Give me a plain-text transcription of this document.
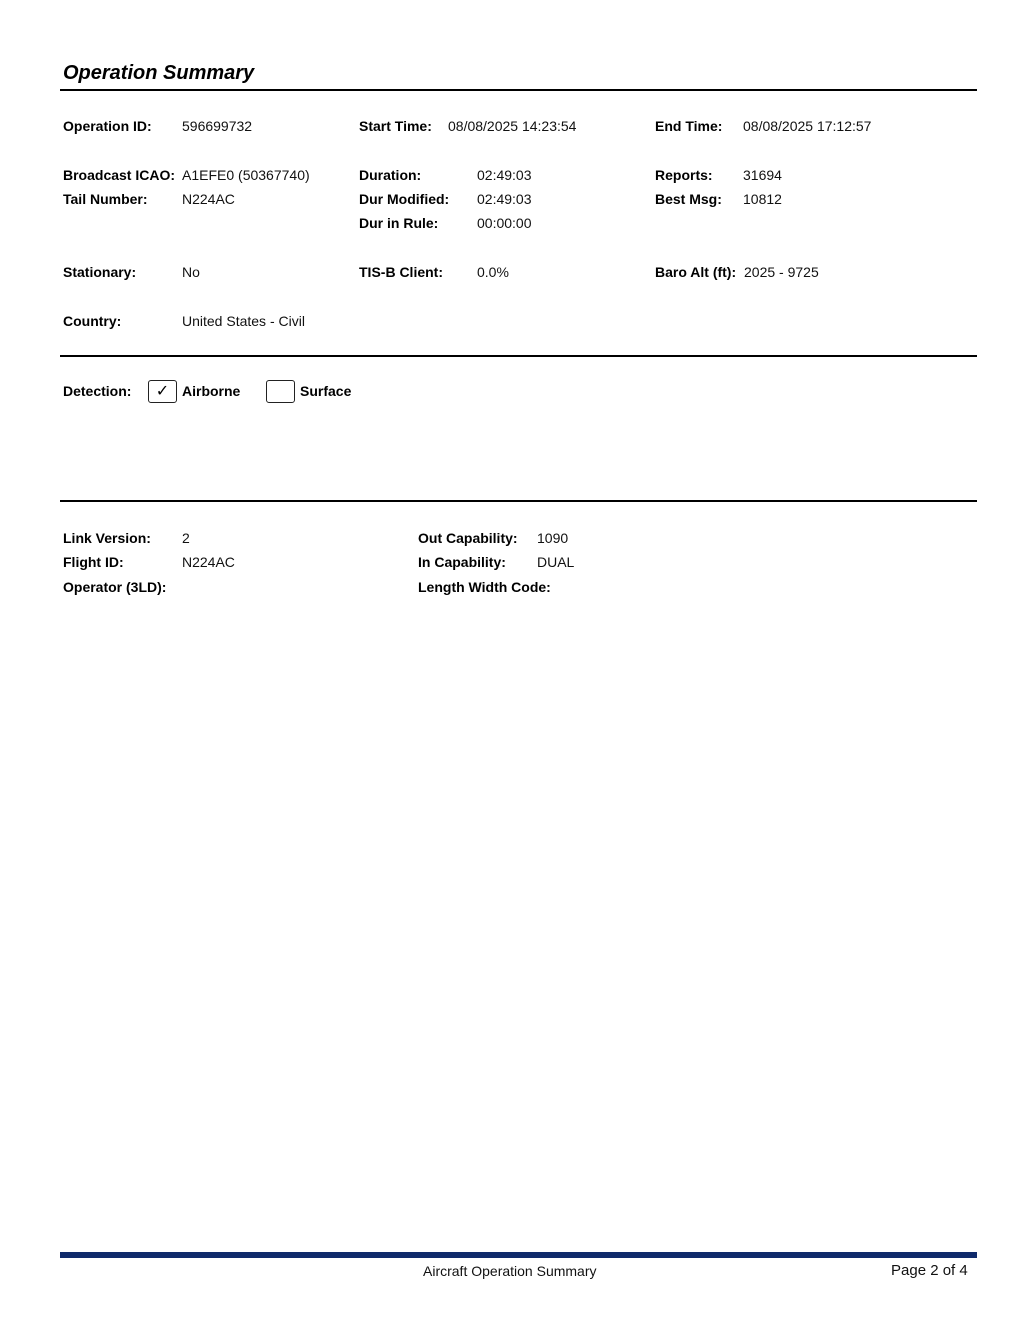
Operation Summary
Operation ID: 596699732	Start Time: 08/08/2025 14:23:54	End Time: 08/08/2025 17:12:57
Broadcast ICAO: A1EFE0 (50367740)	Duration:	02:49:03	Reports: 31694
Tail Number: N224AC	Dur Modified: 02:49:03	Best Msg: 10812
Dur in Rule:	00:00:00
Stationary:	No	TIS-B Client: 0.0%	Baro Alt (ft): 2025 - 9725
Country:	United States - Civil
Detection:	✓ Airborne	Surface
Link Version: 2	Out Capability: 1090
Flight ID:	N224AC	In Capability: DUAL
Operator (3LD):	Length Width Code:
Aircraft Operation Summary	Page 2 of 4
